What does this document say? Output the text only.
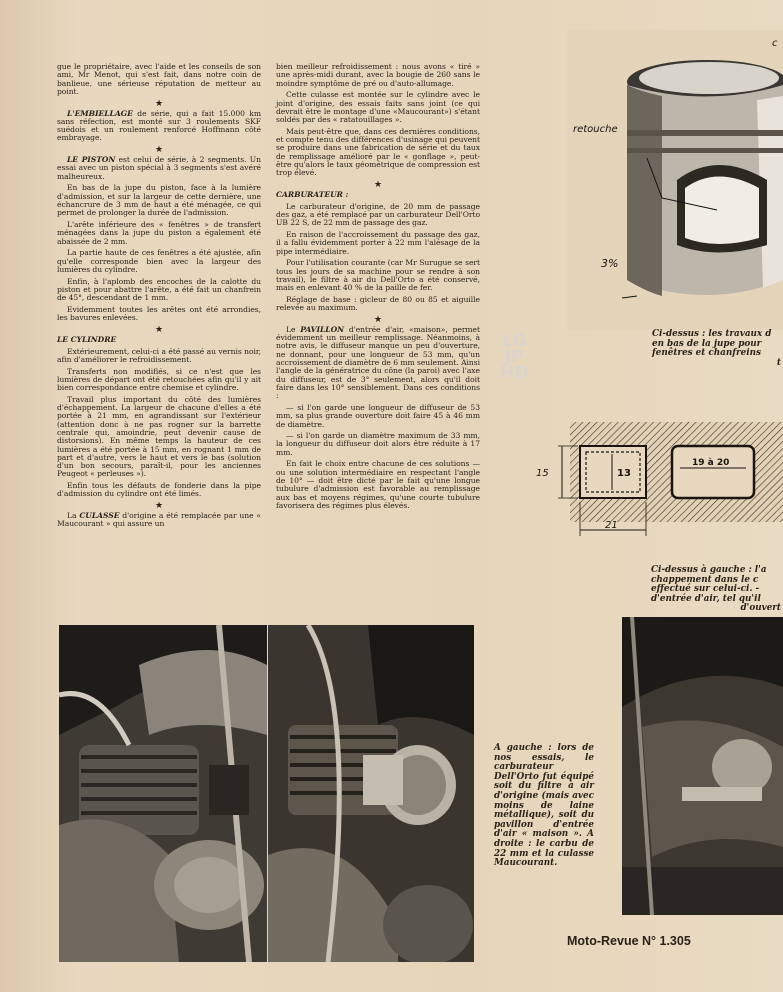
gue le propriétaire, avec l'aide et les conseils de son ami, Mr Menot, qui s'est fait, dans notre coin de banlieue, une sérieuse réputation de metteur au point.

★

L'EMBIELLAGE de série, qui a fait 15.000 km sans réfection, est monté sur 3 roulements SKF suédois et un roulement renforcé Hoffmann côté embrayage.

★

LE PISTON est celui de série, à 2 segments. Un essai avec un piston spécial à 3 segments s'est avéré malheureux.

En bas de la jupe du piston, face à la lumière d'admission, et sur la largeur de cette dernière, une échancrure de 3 mm de haut a été ménagée, ce qui permet de prolonger la durée de l'admission.

L'arête inférieure des « fenêtres » de transfert ménagées dans la jupe du piston a également été abaissée de 2 mm.

La partie haute de ces fenêtres a été ajustée, afin qu'elle corresponde bien avec la largeur des lumières du cylindre.

Enfin, à l'aplomb des encoches de la calotte du piston et pour abattre l'arête, a été fait un chanfrein de 45°, descendant de 1 mm.

Evidemment toutes les arêtes ont été arrondies, les bavures enlevées.

★

LE CYLINDRE

Extérieurement, celui-ci a été passé au vernis noir, afin d'améliorer le refroidissement.

Transferts non modifiés, si ce n'est que les lumières de départ ont été retouchées afin qu'il y ait bien correspondance entre chemise et cylindre.

Travail plus important du côté des lumières d'échappement. La largeur de chacune d'elles a été portée à 21 mm, en agrandissant sur l'extérieur (attention donc à ne pas rogner sur la barrette centrale qui, amoindrie, peut devenir cause de distorsions). En même temps la hauteur de ces lumières a été portée à 15 mm, en rognant 1 mm de part et d'autre, vers le haut et vers le bas (solution d'un bon secours, paraît-il, pour les anciennes Peugeot « perleuses »).

Enfin tous les défauts de fonderie dans la pipe d'admission du cylindre ont été limés.

★

La CULASSE d'origine a été remplacée par une « Maucourant » qui assure un

bien meilleur refroidissement : nous avons « tiré » une après-midi durant, avec la bougie de 260 sans le moindre symptôme de pré ou d'auto-allumage.

Cette culasse est montée sur le cylindre avec le joint d'origine, des essais faits sans joint (ce qui devrait être le montage d'une «Maucourant») s'étant soldés par des « ratatouillages ».

Mais peut-être que, dans ces dernières conditions, et compte tenu des différences d'usinage qui peuvent se produire dans une fabrication de série et du taux de remplissage amélioré par le « gonflage », peut-être qu'alors le taux géométrique de compression est trop élevé.

★

CARBURATEUR :

Le carburateur d'origine, de 20 mm de passage des gaz, a été remplacé par un carburateur Dell'Orto UB 22 S, de 22 mm de passage des gaz.

En raison de l'accroissement du passage des gaz, il a fallu évidemment porter à 22 mm l'alésage de la pipe intermédiaire.

Pour l'utilisation courante (car Mr Surugue se sert tous les jours de sa machine pour se rendre à son travail), le filtre à air du Dell'Orto a été conservé, mais en enlevant 40 % de la paille de fer.

Réglage de base : gicleur de 80 ou 85 et aiguille relevée au maximum.

★

Le PAVILLON d'entrée d'air, «maison», permet évidemment un meilleur remplissage. Néanmoins, à notre avis, le diffuseur manque un peu d'ouverture, ne donnant, pour une longueur de 53 mm, qu'un accroissement de diamètre de 6 mm seulement. Ainsi l'angle de la génératrice du cône (la paroi) avec l'axe du diffuseur, est de 3° seulement, alors qu'il doit faire dans les 10° sensiblement. Dans ces conditions :

— si l'on garde une longueur de diffuseur de 53 mm, sa plus grande ouverture doit faire 45 à 46 mm de diamètre.

— si l'on garde un diamètre maximum de 33 mm, la longueur du diffuseur doit alors être réduite à 17 mm.

En fait le choix entre chacune de ces solutions — ou une solution intermédiaire en respectant l'angle de 10° — doit être dicté par le fait qu'une longue tubulure d'admission est favorable au remplissage aux bas et moyens régimes, qu'une courte tubulure favorisera des régimes plus élevés.

retouche
3%
c
Ci-dessus : les travaux d
en bas de la jupe pour
fenêtres et chanfreins
t
LG
JP
HD
15	13
19 à 20
21
Ci-dessus à gauche : l'a
chappement dans le c
effectué sur celui-ci. -
d'entrée d'air, tel qu'il
d'ouvert
A gauche : lors de nos essais, le carburateur Dell'Orto fut équipé soit du filtre à air d'origine (mais avec moins de laine métallique), soit du pavillon d'entrée d'air « maison ». A droite : le carbu de 22 mm et la culasse Maucourant.
Moto-Revue N° 1.305
